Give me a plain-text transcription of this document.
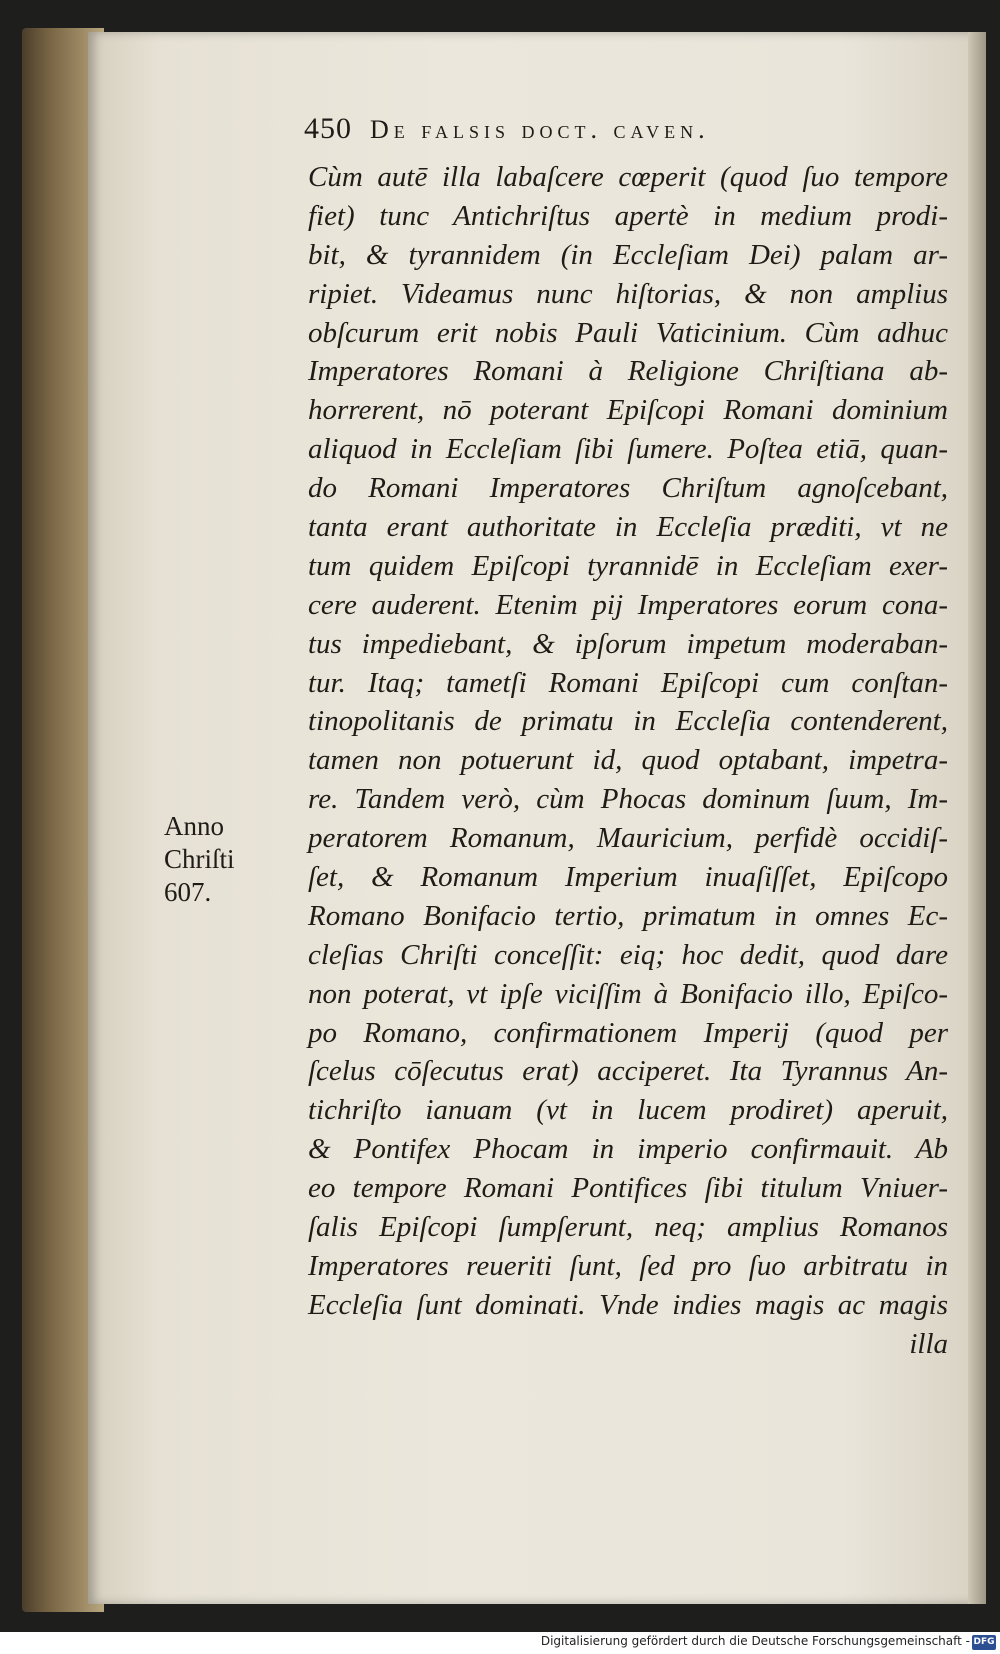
450 De falsis doct. caven.
Anno
Chriſti
607.
Cùm autē illa labaſcere cœperit (quod ſuo tempore
fiet) tunc Antichriſtus apertè in medium prodi-
bit, & tyrannidem (in Eccleſiam Dei) palam ar-
ripiet. Videamus nunc hiſtorias, & non amplius
obſcurum erit nobis Pauli Vaticinium. Cùm adhuc
Imperatores Romani à Religione Chriſtiana ab-
horrerent, nō poterant Epiſcopi Romani dominium
aliquod in Eccleſiam ſibi ſumere. Poſtea etiā, quan-
do Romani Imperatores Chriſtum agnoſcebant,
tanta erant authoritate in Eccleſia præditi, vt ne
tum quidem Epiſcopi tyrannidē in Eccleſiam exer-
cere auderent. Etenim pij Imperatores eorum cona-
tus impediebant, & ipſorum impetum moderaban-
tur. Itaq; tametſi Romani Epiſcopi cum conſtan-
tinopolitanis de primatu in Eccleſia contenderent,
tamen non potuerunt id, quod optabant, impetra-
re. Tandem verò, cùm Phocas dominum ſuum, Im-
peratorem Romanum, Mauricium, perfidè occidiſ-
ſet, & Romanum Imperium inuaſiſſet, Epiſcopo
Romano Bonifacio tertio, primatum in omnes Ec-
cleſias Chriſti conceſſit: eiq; hoc dedit, quod dare
non poterat, vt ipſe viciſſim à Bonifacio illo, Epiſco-
po Romano, confirmationem Imperij (quod per
ſcelus cōſecutus erat) acciperet. Ita Tyrannus An-
tichriſto ianuam (vt in lucem prodiret) aperuit,
& Pontifex Phocam in imperio confirmauit. Ab
eo tempore Romani Pontifices ſibi titulum Vniuer-
ſalis Epiſcopi ſumpſerunt, neq; amplius Romanos
Imperatores reueriti ſunt, ſed pro ſuo arbitratu in
Eccleſia ſunt dominati. Vnde indies magis ac magis
illa
Digitalisierung gefördert durch die Deutsche Forschungsgemeinschaft - DFG
